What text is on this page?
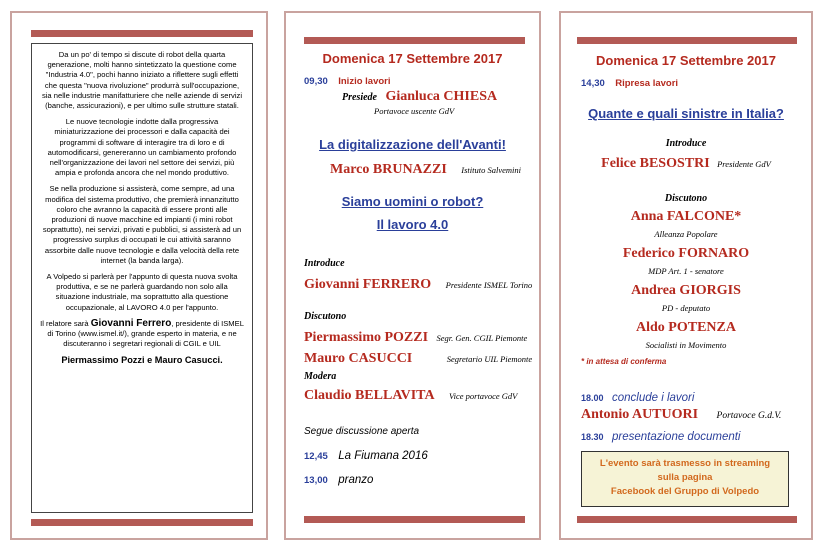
Da un po' di tempo si discute di robot della quarta generazione, molti hanno sintetizzato la questione come "Industria 4.0", pochi hanno iniziato a riflettere sugli effetti che questa "nuova rivoluzione" produrrà sull'occupazione, sia nelle industrie manifatturiere che nelle aziende di servizi (banche, assicurazioni), e per ultimo sulle strutture statali.

Le nuove tecnologie indotte dalla progressiva miniaturizzazione dei processori e dalla capacità dei programmi di software di interagire tra di loro e di automodificarsi, genereranno un cambiamento profondo nell'organizzazione dei lavori nel settore dei servizi, più ampia e profonda ancora che nel mondo produttivo.

Se nella produzione si assisterà, come sempre, ad una modifica del sistema produttivo, che premierà innanzitutto coloro che avranno la capacità di essere pronti alle produzioni di nuove macchine ed impianti (i mini robot soprattutto), nei servizi, privati e pubblici, si assisterà ad un progressivo surplus di occupati le cui attività saranno assorbite dalle nuove tecnologie e dalla velocità della rete internet (la banda larga).

A Volpedo si parlerà per l'appunto di questa nuova svolta produttiva, e se ne parlerà guardando non solo alla situazione industriale, ma soprattutto alla questione occupazionale, al LAVORO 4.0 per l'appunto.

Il relatore sarà Giovanni Ferrero, presidente di ISMEL di Torino (www.ismel.it/), grande esperto in materia, e ne discuteranno i segretari regionali di CGIL e UIL

Piermassimo Pozzi e Mauro Casucci.

Domenica 17 Settembre 2017
09,30 Inizio lavori
Presiede Gianluca CHIESA
Portavoce uscente GdV
La digitalizzazione dell'Avanti!
Marco BRUNAZZI Istituto Salvemini
Siamo uomini o robot?
Il lavoro 4.0
Introduce
Giovanni FERRERO Presidente ISMEL Torino
Discutono
Piermassimo POZZI Segr. Gen. CGIL Piemonte
Mauro CASUCCI	Segretario UIL Piemonte
Modera
Claudio BELLAVITA Vice portavoce GdV
Segue discussione aperta
12,45 La Fiumana 2016
13,00 pranzo
Domenica 17 Settembre 2017
14,30 Ripresa lavori
Quante e quali sinistre in Italia?
Introduce
Felice BESOSTRI Presidente GdV
Discutono
Anna FALCONE*
Alleanza Popolare
Federico FORNARO
MDP Art. 1 - senatore
Andrea GIORGIS
PD - deputato
Aldo POTENZA
Socialisti in Movimento
* in attesa di conferma
18.00 conclude i lavori
Antonio AUTUORI Portavoce G.d.V.
18.30 presentazione documenti
L'evento sarà trasmesso in streaming
sulla pagina
Facebook del Gruppo di Volpedo
